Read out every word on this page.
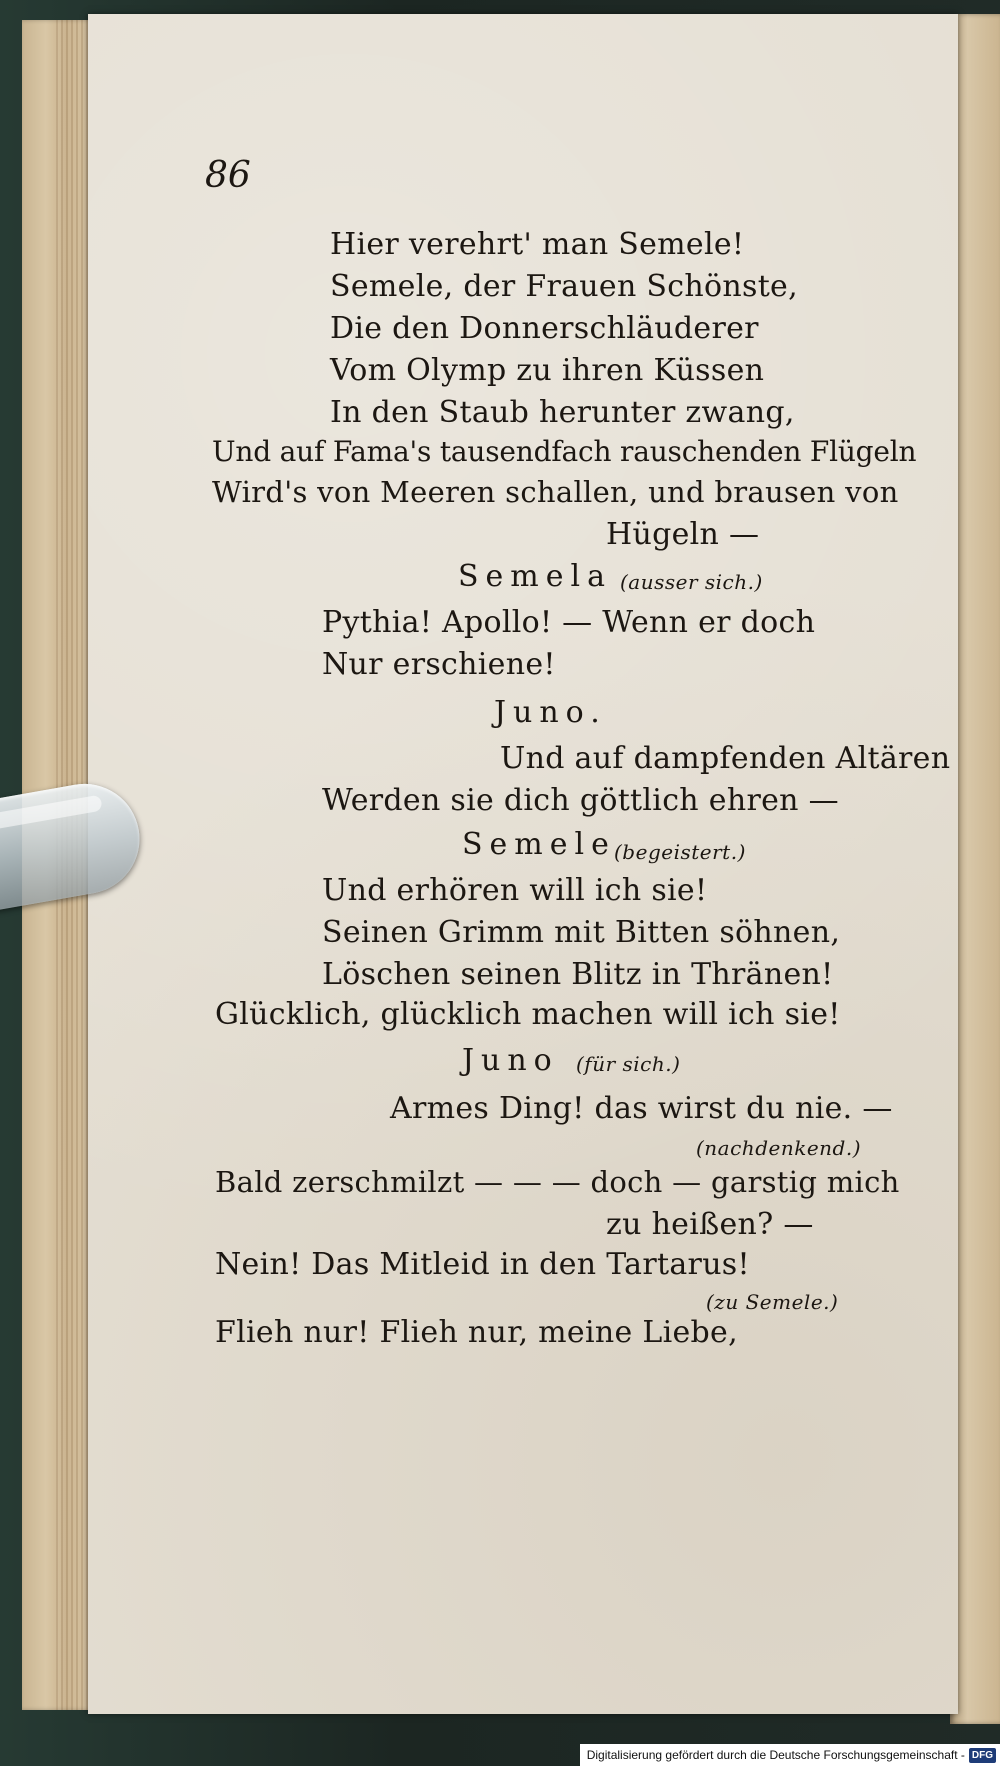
86
Hier verehrt' man Semele!
Semele, der Frauen Schönste,
Die den Donnerschläuderer
Vom Olymp zu ihren Küssen
In den Staub herunter zwang,
Und auf Fama's tausendfach rauschenden Flügeln
Wird's von Meeren schallen, und brausen von
Hügeln —
Semela (ausser sich.)
Pythia! Apollo! — Wenn er doch
Nur erschiene!
Juno.
Und auf dampfenden Altären
Werden sie dich göttlich ehren —
Semele
(begeistert.)
Und erhören will ich sie!
Seinen Grimm mit Bitten söhnen,
Löschen seinen Blitz in Thränen!
Glücklich, glücklich machen will ich sie!
Juno (für sich.)
Armes Ding! das wirst du nie. —
(nachdenkend.)
Bald zerschmilzt — — — doch — garstig mich
zu heißen? —
Nein! Das Mitleid in den Tartarus!
(zu Semele.)
Flieh nur! Flieh nur, meine Liebe,
Digitalisierung gefördert durch die Deutsche Forschungsgemeinschaft - DFG
